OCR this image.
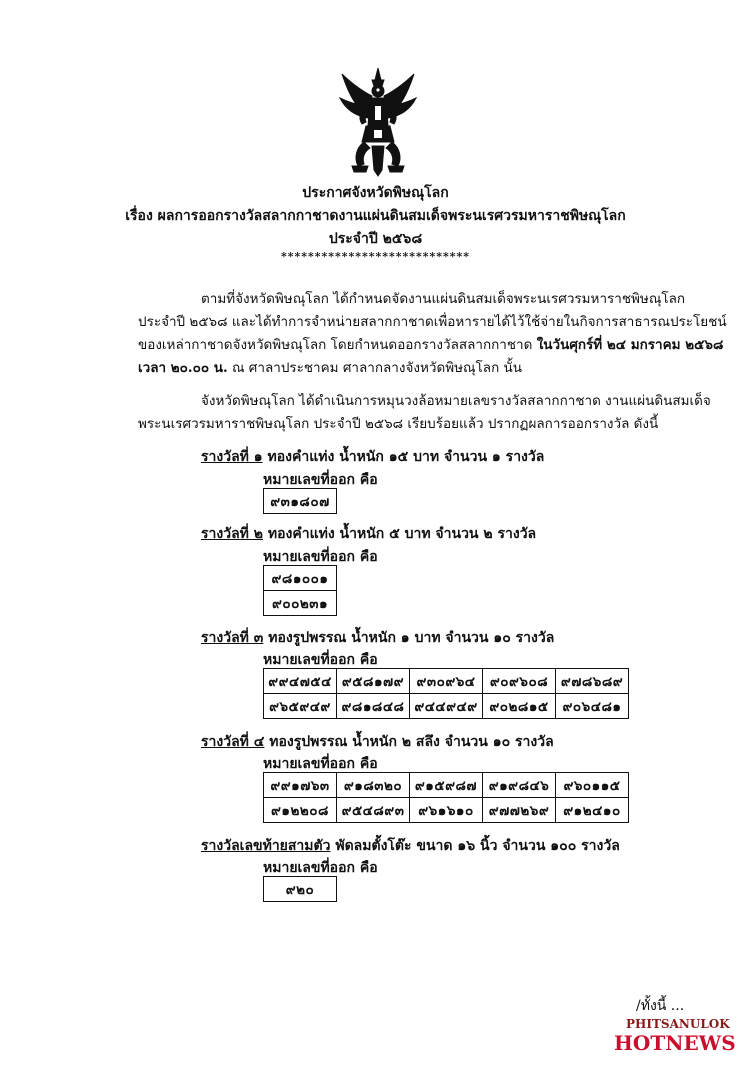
ประกาศจังหวัดพิษณุโลก
เรื่อง ผลการออกรางวัลสลากกาชาดงานแผ่นดินสมเด็จพระนเรศวรมหาราชพิษณุโลก
ประจำปี ๒๕๖๘
****************************
ตามที่จังหวัดพิษณุโลก ได้กำหนดจัดงานแผ่นดินสมเด็จพระนเรศวรมหาราชพิษณุโลก
ประจำปี ๒๕๖๘ และได้ทำการจำหน่ายสลากกาชาดเพื่อหารายได้ไว้ใช้จ่ายในกิจการสาธารณประโยชน์
ของเหล่ากาชาดจังหวัดพิษณุโลก โดยกำหนดออกรางวัลสลากกาชาด ในวันศุกร์ที่ ๒๔ มกราคม ๒๕๖๘
เวลา ๒๐.๐๐ น. ณ ศาลาประชาคม ศาลากลางจังหวัดพิษณุโลก นั้น
จังหวัดพิษณุโลก ได้ดำเนินการหมุนวงล้อหมายเลขรางวัลสลากกาชาด งานแผ่นดินสมเด็จ
พระนเรศวรมหาราชพิษณุโลก ประจำปี ๒๕๖๘ เรียบร้อยแล้ว ปรากฏผลการออกรางวัล ดังนี้
รางวัลที่ ๑ ทองคำแท่ง น้ำหนัก ๑๕ บาท จำนวน ๑ รางวัล
หมายเลขที่ออก คือ
๙๓๑๘๐๗
รางวัลที่ ๒ ทองคำแท่ง น้ำหนัก ๕ บาท จำนวน ๒ รางวัล
หมายเลขที่ออก คือ
๙๘๑๐๐๑
๙๐๐๒๓๑
รางวัลที่ ๓ ทองรูปพรรณ น้ำหนัก ๑ บาท จำนวน ๑๐ รางวัล
หมายเลขที่ออก คือ
๙๙๔๗๕๔	๙๕๘๑๗๙	๙๓๐๙๖๔	๙๐๙๖๐๘	๙๗๘๖๘๙
๙๖๕๙๔๙	๙๘๑๘๔๘	๙๔๔๙๔๙	๙๐๒๘๑๕	๙๐๖๔๘๑
รางวัลที่ ๔ ทองรูปพรรณ น้ำหนัก ๒ สลึง จำนวน ๑๐ รางวัล
หมายเลขที่ออก คือ
๙๙๑๗๖๓	๙๑๘๓๒๐	๙๑๕๙๘๗	๙๑๙๘๔๖	๙๖๐๑๑๕
๙๑๒๒๐๘	๙๕๔๘๙๓	๙๖๑๖๑๐	๙๗๗๒๖๙	๙๑๒๔๑๐
รางวัลเลขท้ายสามตัว พัดลมตั้งโต๊ะ ขนาด ๑๖ นิ้ว จำนวน ๑๐๐ รางวัล
หมายเลขที่ออก คือ
๙๒๐
/ทั้งนี้ ...
PHITSANULOK
HOTNEWS
